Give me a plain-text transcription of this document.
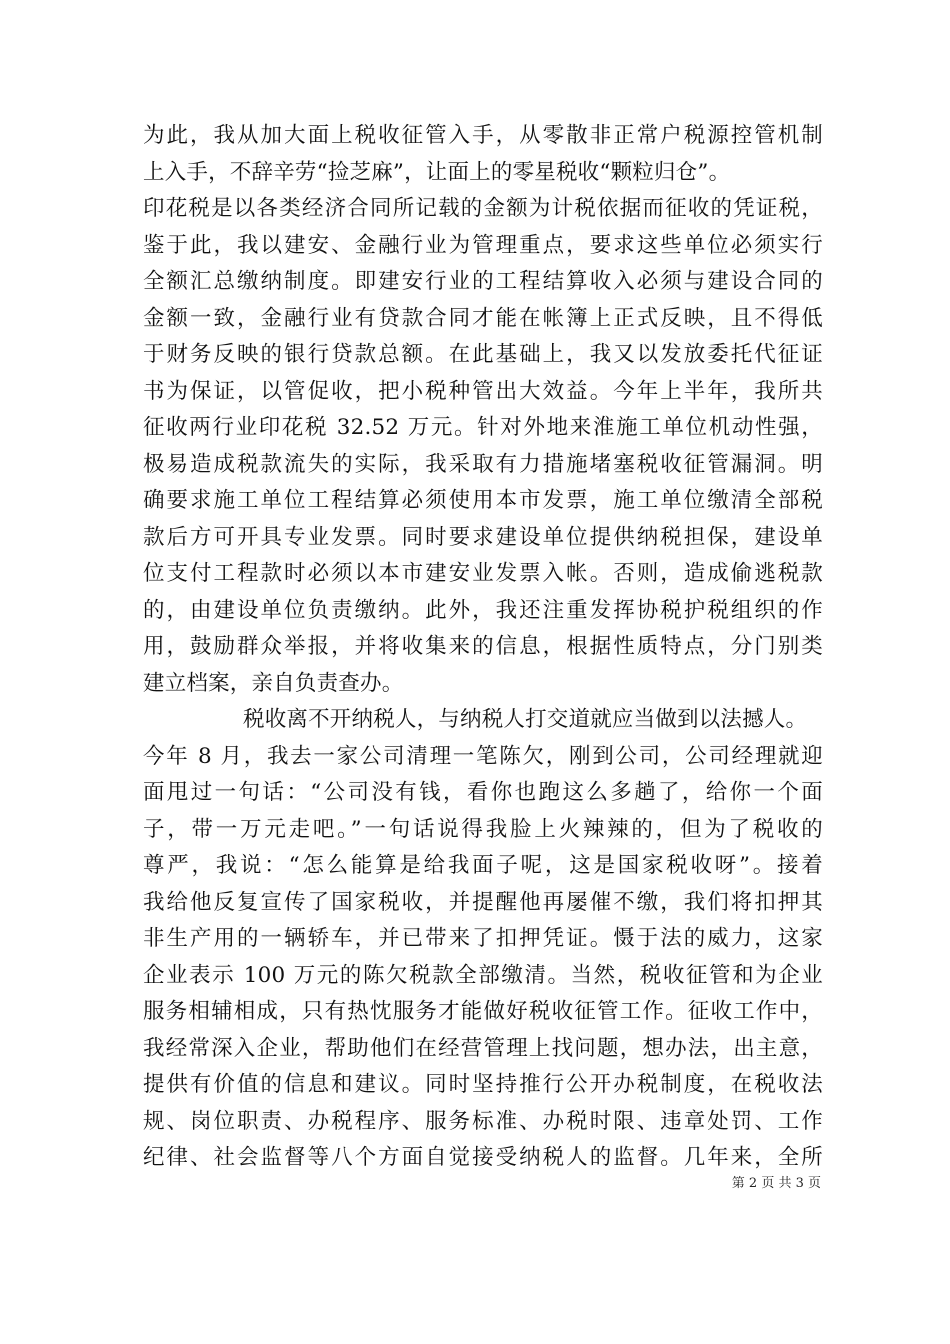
为此，我从加大面上税收征管入手，从零散非正常户税源控管机制
上入手，不辞辛劳“捡芝麻”，让面上的零星税收“颗粒归仓”。
印花税是以各类经济合同所记载的金额为计税依据而征收的凭证税，
鉴于此，我以建安、金融行业为管理重点，要求这些单位必须实行
全额汇总缴纳制度。即建安行业的工程结算收入必须与建设合同的
金额一致，金融行业有贷款合同才能在帐簿上正式反映，且不得低
于财务反映的银行贷款总额。在此基础上，我又以发放委托代征证
书为保证，以管促收，把小税种管出大效益。今年上半年，我所共
征收两行业印花税 32.52 万元。针对外地来淮施工单位机动性强，
极易造成税款流失的实际，我采取有力措施堵塞税收征管漏洞。明
确要求施工单位工程结算必须使用本市发票，施工单位缴清全部税
款后方可开具专业发票。同时要求建设单位提供纳税担保，建设单
位支付工程款时必须以本市建安业发票入帐。否则，造成偷逃税款
的，由建设单位负责缴纳。此外，我还注重发挥协税护税组织的作
用，鼓励群众举报，并将收集来的信息，根据性质特点，分门别类
建立档案，亲自负责查办。
税收离不开纳税人，与纳税人打交道就应当做到以法撼人。
今年 8 月，我去一家公司清理一笔陈欠，刚到公司，公司经理就迎
面甩过一句话：“公司没有钱，看你也跑这么多趟了，给你一个面
子，带一万元走吧。”一句话说得我脸上火辣辣的，但为了税收的
尊严，我说：“怎么能算是给我面子呢，这是国家税收呀”。接着
我给他反复宣传了国家税收，并提醒他再屡催不缴，我们将扣押其
非生产用的一辆轿车，并已带来了扣押凭证。慑于法的威力，这家
企业表示 100 万元的陈欠税款全部缴清。当然，税收征管和为企业
服务相辅相成，只有热忱服务才能做好税收征管工作。征收工作中，
我经常深入企业，帮助他们在经营管理上找问题，想办法，出主意，
提供有价值的信息和建议。同时坚持推行公开办税制度，在税收法
规、岗位职责、办税程序、服务标准、办税时限、违章处罚、工作
纪律、社会监督等八个方面自觉接受纳税人的监督。几年来，全所
第 2 页 共 3 页
